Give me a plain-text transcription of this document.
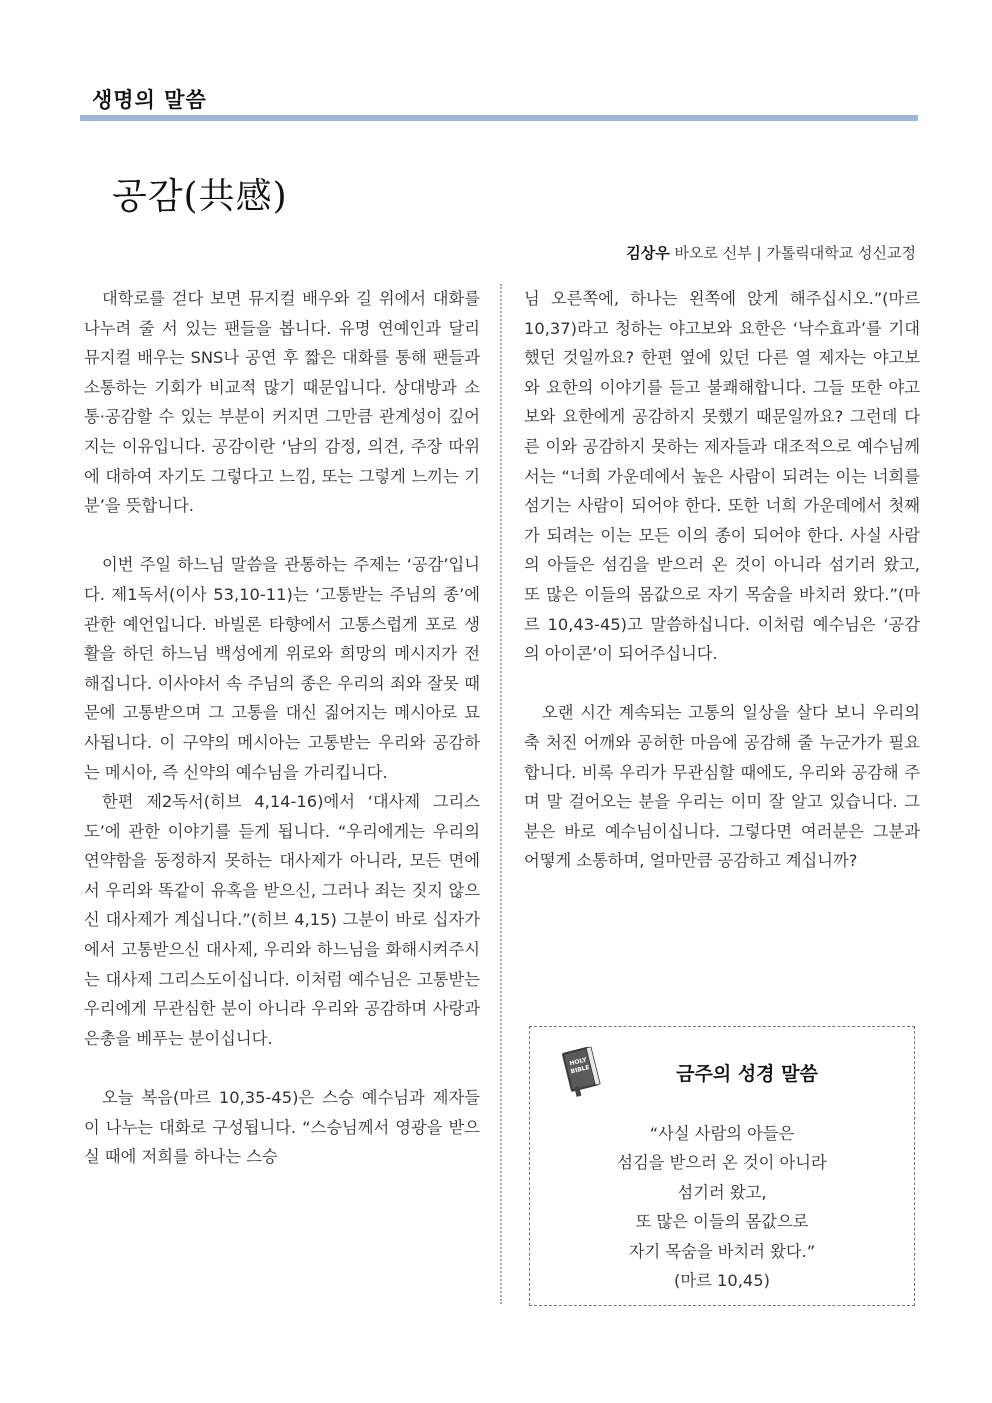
생명의 말씀
공감(共感)
김상우 바오로 신부 | 가톨릭대학교 성신교정

대학로를 걷다 보면 뮤지컬 배우와 길 위에서 대화를 나누려 줄 서 있는 팬들을 봅니다. 유명 연예인과 달리 뮤지컬 배우는 SNS나 공연 후 짧은 대화를 통해 팬들과 소통하는 기회가 비교적 많기 때문입니다. 상대방과 소통·공감할 수 있는 부분이 커지면 그만큼 관계성이 깊어지는 이유입니다. 공감이란 ‘남의 감정, 의견, 주장 따위에 대하여 자기도 그렇다고 느낌, 또는 그렇게 느끼는 기분’을 뜻합니다.

이번 주일 하느님 말씀을 관통하는 주제는 ‘공감’입니다. 제1독서(이사 53,10-11)는 ‘고통받는 주님의 종’에 관한 예언입니다. 바빌론 타향에서 고통스럽게 포로 생활을 하던 하느님 백성에게 위로와 희망의 메시지가 전해집니다. 이사야서 속 주님의 종은 우리의 죄와 잘못 때문에 고통받으며 그 고통을 대신 짊어지는 메시아로 묘사됩니다. 이 구약의 메시아는 고통받는 우리와 공감하는 메시아, 즉 신약의 예수님을 가리킵니다.

한편 제2독서(히브 4,14-16)에서 ‘대사제 그리스도’에 관한 이야기를 듣게 됩니다. “우리에게는 우리의 연약함을 동정하지 못하는 대사제가 아니라, 모든 면에서 우리와 똑같이 유혹을 받으신, 그러나 죄는 짓지 않으신 대사제가 계십니다.”(히브 4,15) 그분이 바로 십자가에서 고통받으신 대사제, 우리와 하느님을 화해시켜주시는 대사제 그리스도이십니다. 이처럼 예수님은 고통받는 우리에게 무관심한 분이 아니라 우리와 공감하며 사랑과 은총을 베푸는 분이십니다.

오늘 복음(마르 10,35-45)은 스승 예수님과 제자들이 나누는 대화로 구성됩니다. “스승님께서 영광을 받으실 때에 저희를 하나는 스승

님 오른쪽에, 하나는 왼쪽에 앉게 해주십시오.”(마르 10,37)라고 청하는 야고보와 요한은 ‘낙수효과’를 기대했던 것일까요? 한편 옆에 있던 다른 열 제자는 야고보와 요한의 이야기를 듣고 불쾌해합니다. 그들 또한 야고보와 요한에게 공감하지 못했기 때문일까요? 그런데 다른 이와 공감하지 못하는 제자들과 대조적으로 예수님께서는 “너희 가운데에서 높은 사람이 되려는 이는 너희를 섬기는 사람이 되어야 한다. 또한 너희 가운데에서 첫째가 되려는 이는 모든 이의 종이 되어야 한다. 사실 사람의 아들은 섬김을 받으러 온 것이 아니라 섬기러 왔고, 또 많은 이들의 몸값으로 자기 목숨을 바치러 왔다.”(마르 10,43-45)고 말씀하십니다. 이처럼 예수님은 ‘공감의 아이콘’이 되어주십니다.

오랜 시간 계속되는 고통의 일상을 살다 보니 우리의 축 처진 어깨와 공허한 마음에 공감해 줄 누군가가 필요합니다. 비록 우리가 무관심할 때에도, 우리와 공감해 주며 말 걸어오는 분을 우리는 이미 잘 알고 있습니다. 그분은 바로 예수님이십니다. 그렇다면 여러분은 그분과 어떻게 소통하며, 얼마만큼 공감하고 계십니까?

HOLY
BIBLE	금주의 성경 말씀
“사실 사람의 아들은
섬김을 받으러 온 것이 아니라
섬기러 왔고,
또 많은 이들의 몸값으로
자기 목숨을 바치러 왔다.”
(마르 10,45)
